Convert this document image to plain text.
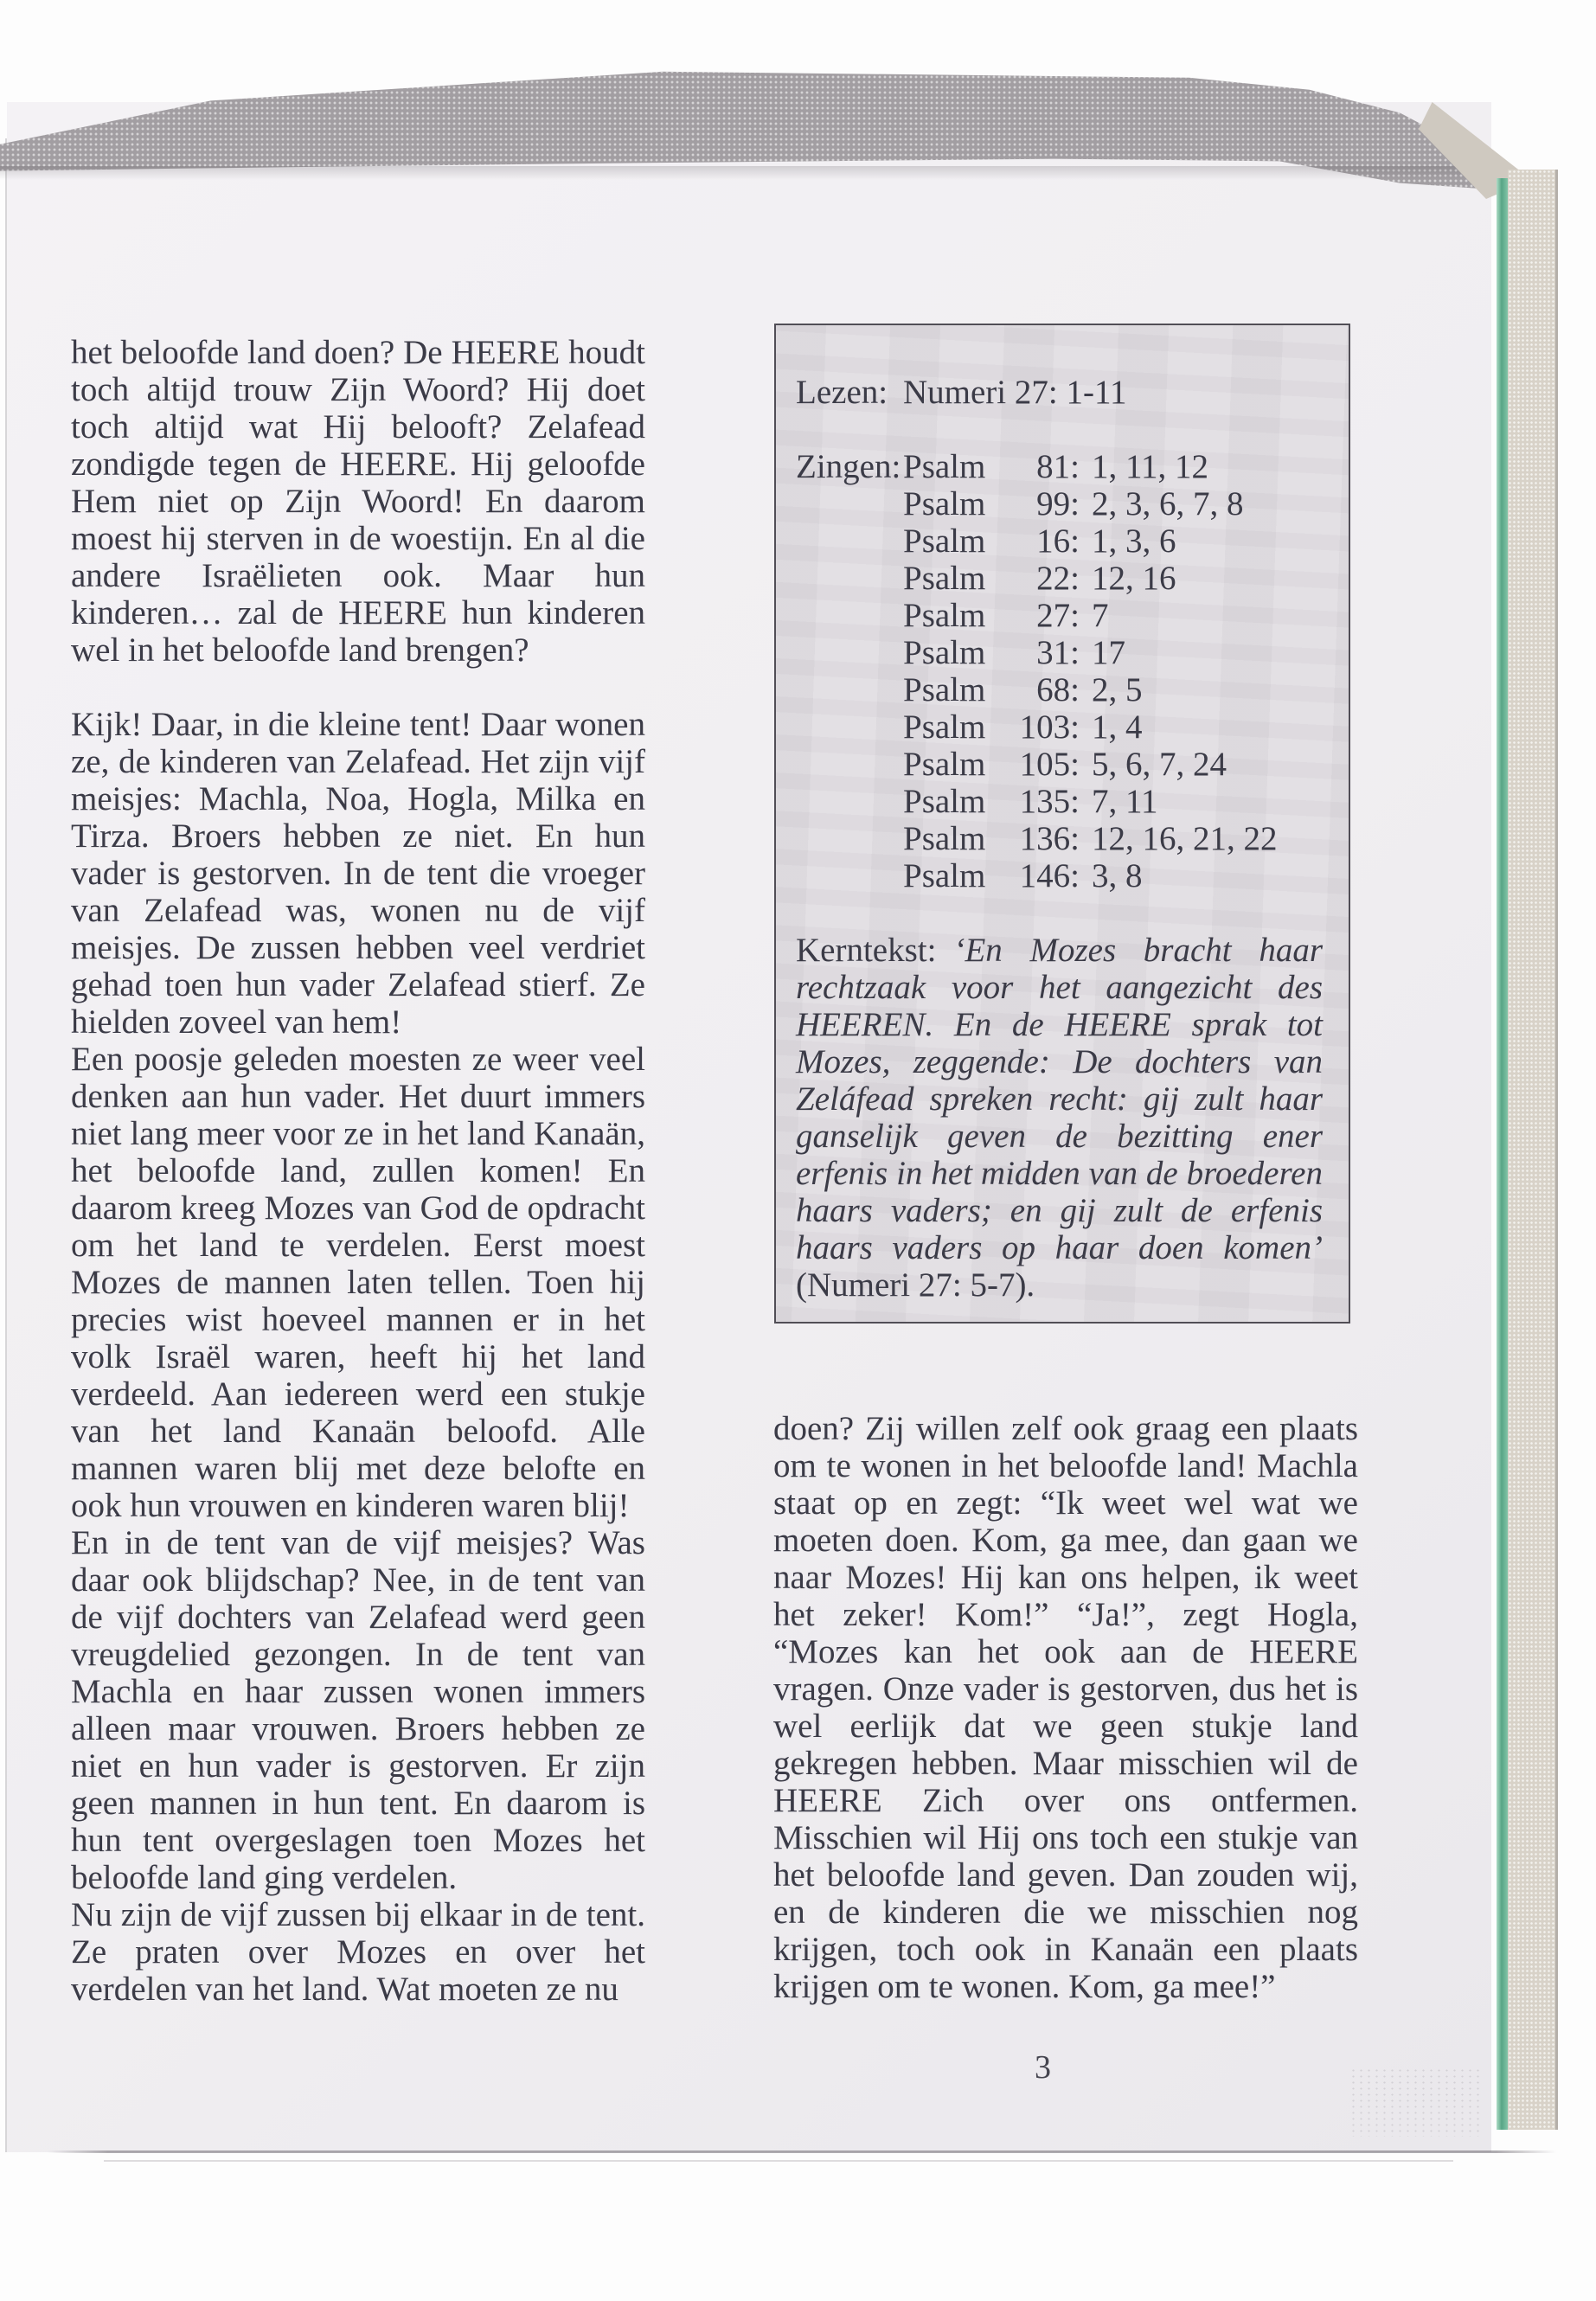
het beloofde land doen? De HEERE houdt toch altijd trouw Zijn Woord? Hij doet toch altijd wat Hij belooft? Zelafead zondigde tegen de HEERE. Hij geloofde Hem niet op Zijn Woord! En daarom moest hij sterven in de woestijn. En al die andere Israëlieten ook. Maar hun kinderen… zal de HEERE hun kinderen wel in het beloofde land brengen?

Kijk! Daar, in die kleine tent! Daar wonen ze, de kinderen van Zelafead. Het zijn vijf meisjes: Machla, Noa, Hogla, Milka en Tirza. Broers hebben ze niet. En hun vader is gestorven. In de tent die vroeger van Zelafead was, wonen nu de vijf meisjes. De zussen hebben veel verdriet gehad toen hun vader Zelafead stierf. Ze hielden zoveel van hem!

Een poosje geleden moesten ze weer veel denken aan hun vader. Het duurt immers niet lang meer voor ze in het land Kanaän, het beloofde land, zullen komen! En daarom kreeg Mozes van God de opdracht om het land te verdelen. Eerst moest Mozes de mannen laten tellen. Toen hij precies wist hoeveel mannen er in het volk Israël waren, heeft hij het land verdeeld. Aan iedereen werd een stukje van het land Kanaän beloofd. Alle mannen waren blij met deze belofte en ook hun vrouwen en kinderen waren blij!

En in de tent van de vijf meisjes? Was daar ook blijdschap? Nee, in de tent van de vijf dochters van Zelafead werd geen vreugdelied gezongen. In de tent van Machla en haar zussen wonen immers alleen maar vrouwen. Broers hebben ze niet en hun vader is gestorven. Er zijn geen mannen in hun tent. En daarom is hun tent overgeslagen toen Mozes het beloofde land ging verdelen.

Nu zijn de vijf zussen bij elkaar in de tent. Ze praten over Mozes en over het verdelen van het land. Wat moeten ze nu

Lezen: Numeri 27: 1-11
Zingen: Psalm	81: 1, 11, 12
Psalm	99: 2, 3, 6, 7, 8
Psalm	16: 1, 3, 6
Psalm	22: 12, 16
Psalm	27: 7
Psalm	31: 17
Psalm	68: 2, 5
Psalm	103: 1, 4
Psalm	105: 5, 6, 7, 24
Psalm	135: 7, 11
Psalm	136: 12, 16, 21, 22
Psalm	146: 3, 8

Kerntekst: ‘En Mozes bracht haar rechtzaak voor het aangezicht des HEEREN. En de HEERE sprak tot Mozes, zeggende: De dochters van Zeláfead spreken recht: gij zult haar ganselijk geven de bezitting ener erfenis in het midden van de broederen haars vaders; en gij zult de erfenis haars vaders op haar doen komen’ (Numeri 27: 5-7).

doen? Zij willen zelf ook graag een plaats om te wonen in het beloofde land! Machla staat op en zegt: “Ik weet wel wat we moeten doen. Kom, ga mee, dan gaan we naar Mozes! Hij kan ons helpen, ik weet het zeker! Kom!” “Ja!”, zegt Hogla, “Mozes kan het ook aan de HEERE vragen. Onze vader is gestorven, dus het is wel eerlijk dat we geen stukje land gekregen hebben. Maar misschien wil de HEERE Zich over ons ontfermen. Misschien wil Hij ons toch een stukje van het beloofde land geven. Dan zouden wij, en de kinderen die we misschien nog krijgen, toch ook in Kanaän een plaats krijgen om te wonen. Kom, ga mee!”

3
